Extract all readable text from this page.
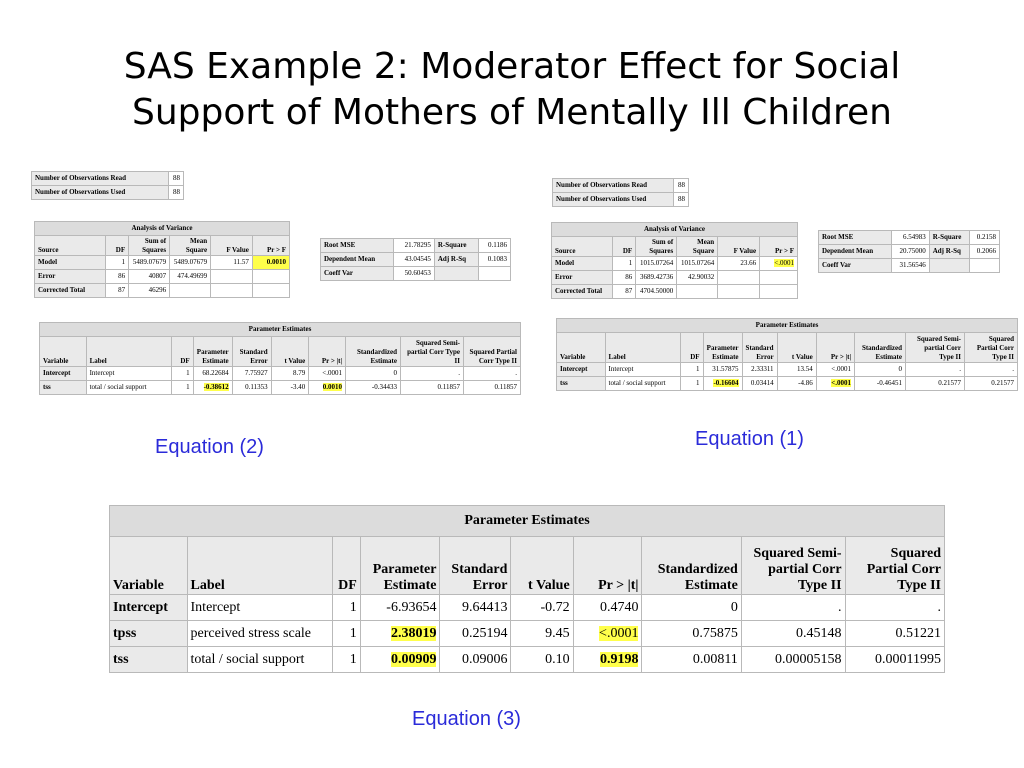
SAS Example 2: Moderator Effect for Social
Support of Mothers of Mentally Ill Children
Number of Observations Read	88
Number of Observations Used	88
Analysis of Variance					
Source	DF	Sum of Squares	Mean Square	F Value	Pr > F
Model	1	5489.07679	5489.07679	11.57	0.0010
Error	86	40807	474.49699		
Corrected Total	87	46296			
Root MSE	21.78295	R-Square	0.1186
Dependent Mean	43.04545	Adj R-Sq	0.1083
Coeff Var	50.60453		
Parameter Estimates									
Variable	Label	DF	Parameter Estimate	Standard Error	t Value	Pr > |t|	Standardized Estimate	Squared Semi-partial Corr Type II	Squared Partial Corr Type II
Intercept	Intercept	1	68.22684	7.75927	8.79	<.0001	0	.	.
tss	total / social support	1	-0.38612	0.11353	-3.40	0.0010	-0.34433	0.11857	0.11857
Equation (2)
Number of Observations Read	88
Number of Observations Used	88
Analysis of Variance					
Source	DF	Sum of Squares	Mean Square	F Value	Pr > F
Model	1	1015.07264	1015.07264	23.66	<.0001
Error	86	3689.42736	42.90032		
Corrected Total	87	4704.50000			
Root MSE	6.54983	R-Square	0.2158
Dependent Mean	20.75000	Adj R-Sq	0.2066
Coeff Var	31.56546		
Parameter Estimates									
Variable	Label	DF	Parameter Estimate	Standard Error	t Value	Pr > |t|	Standardized Estimate	Squared Semi-partial Corr Type II	Squared Partial Corr Type II
Intercept	Intercept	1	31.57875	2.33311	13.54	<.0001	0	.	.
tss	total / social support	1	-0.16604	0.03414	-4.86	<.0001	-0.46451	0.21577	0.21577
Equation (1)
Parameter Estimates									
Variable	Label	DF	Parameter Estimate	Standard Error	t Value	Pr > |t|	Standardized Estimate	Squared Semi-partial Corr Type II	Squared Partial Corr Type II
Intercept	Intercept	1	-6.93654	9.64413	-0.72	0.4740	0	.	.
tpss	perceived stress scale	1	2.38019	0.25194	9.45	<.0001	0.75875	0.45148	0.51221
tss	total / social support	1	0.00909	0.09006	0.10	0.9198	0.00811	0.00005158	0.00011995
Equation (3)
